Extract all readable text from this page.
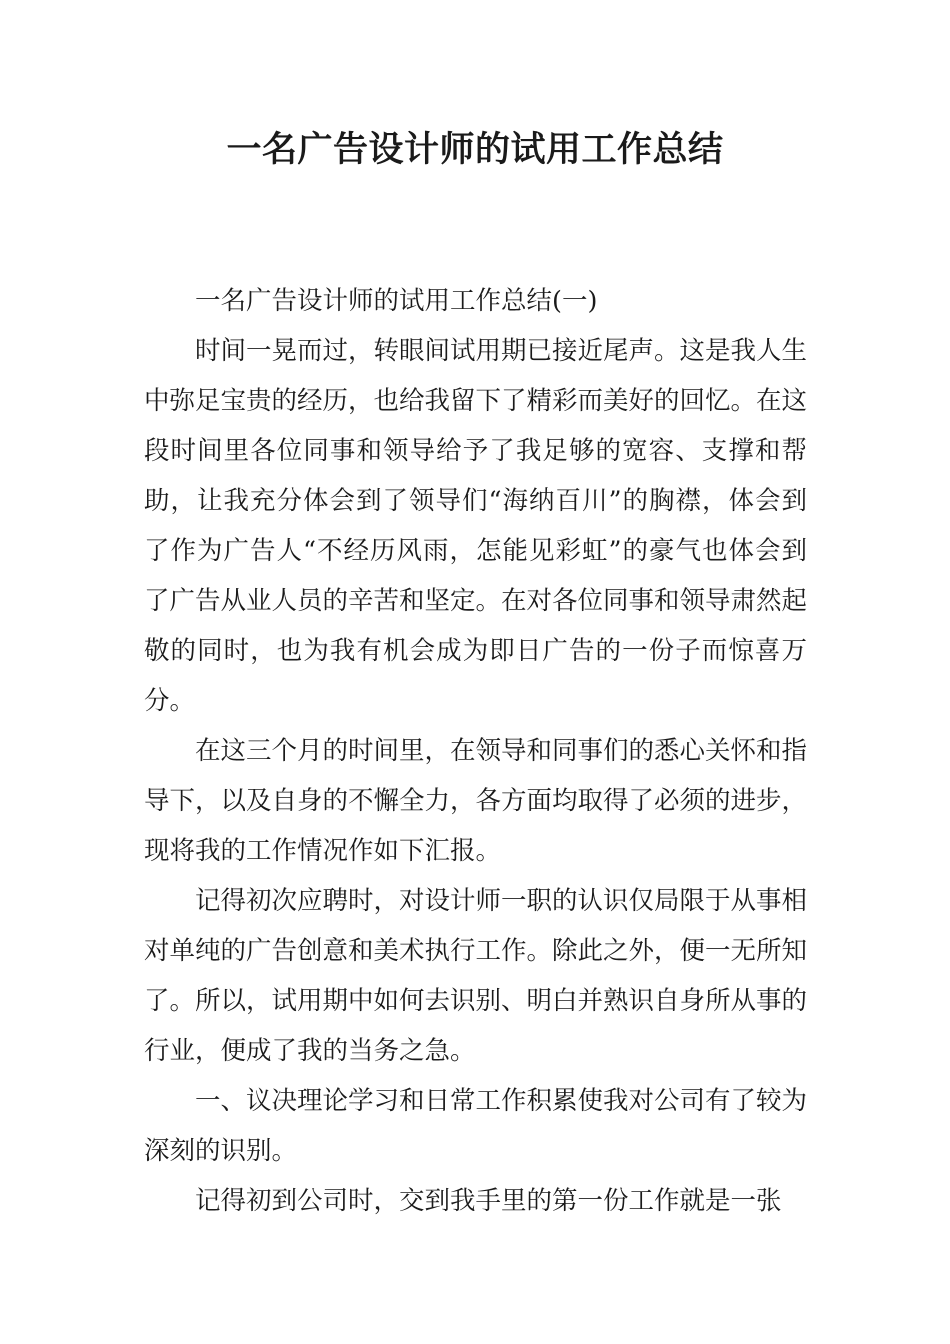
一名广告设计师的试用工作总结

一名广告设计师的试用工作总结(一)

时间一晃而过，转眼间试用期已接近尾声。这是我人生中弥足宝贵的经历，也给我留下了精彩而美好的回忆。在这段时间里各位同事和领导给予了我足够的宽容、支撑和帮助，让我充分体会到了领导们“海纳百川”的胸襟，体会到了作为广告人“不经历风雨，怎能见彩虹”的豪气也体会到了广告从业人员的辛苦和坚定。在对各位同事和领导肃然起敬的同时，也为我有机会成为即日广告的一份子而惊喜万分。

在这三个月的时间里，在领导和同事们的悉心关怀和指导下，以及自身的不懈全力，各方面均取得了必须的进步，现将我的工作情况作如下汇报。

记得初次应聘时，对设计师一职的认识仅局限于从事相对单纯的广告创意和美术执行工作。除此之外，便一无所知了。所以，试用期中如何去识别、明白并熟识自身所从事的行业，便成了我的当务之急。

一、议决理论学习和日常工作积累使我对公司有了较为深刻的识别。

记得初到公司时，交到我手里的第一份工作就是一张
